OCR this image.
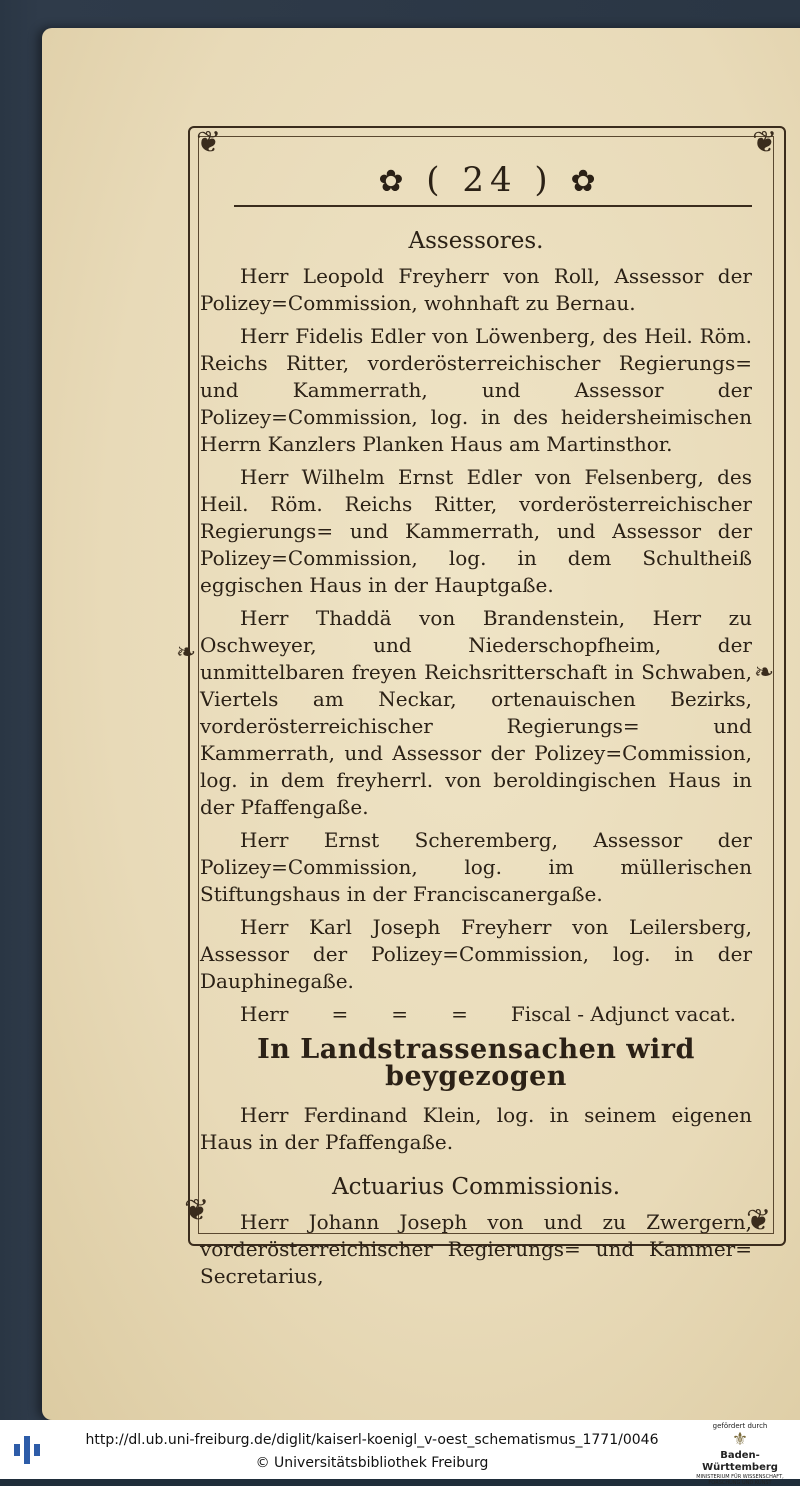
❦	❦
❦	❦
❧
❧
✿ ( 24 ) ✿
Assessores.

Herr Leopold Freyherr von Roll, Assessor der Polizey=Commission, wohnhaft zu Bernau.

Herr Fidelis Edler von Löwenberg, des Heil. Röm. Reichs Ritter, vorderösterreichischer Regierungs= und Kammerrath, und Assessor der Polizey=Commission, log. in des heidersheimischen Herrn Kanzlers Planken Haus am Martinsthor.

Herr Wilhelm Ernst Edler von Felsenberg, des Heil. Röm. Reichs Ritter, vorderösterreichischer Regierungs= und Kammerrath, und Assessor der Polizey=Commission, log. in dem Schultheiß eggischen Haus in der Hauptgaße.

Herr Thaddä von Brandenstein, Herr zu Oschweyer, und Niederschopfheim, der unmittelbaren freyen Reichsritterschaft in Schwaben, Viertels am Neckar, ortenauischen Bezirks, vorderösterreichischer Regierungs= und Kammerrath, und Assessor der Polizey=Commission, log. in dem freyherrl. von beroldingischen Haus in der Pfaffengaße.

Herr Ernst Scheremberg, Assessor der Polizey=Commission, log. im müllerischen Stiftungshaus in der Franciscanergaße.

Herr Karl Joseph Freyherr von Leilersberg, Assessor der Polizey=Commission, log. in der Dauphinegaße.

Herr = = = Fiscal - Adjunct vacat.
In Landstrassensachen wird beygezogen

Herr Ferdinand Klein, log. in seinem eigenen Haus in der Pfaffengaße.

Actuarius Commissionis.

Herr Johann Joseph von und zu Zwergern, vorderösterreichischer Regierungs= und Kammer= Secretarius,

http://dl.ub.uni-freiburg.de/diglit/kaiserl-koenigl_v-oest_schematismus_1771/0046
© Universitätsbibliothek Freiburg
gefördert durch
⚜
Baden-Württemberg
MINISTERIUM FÜR WISSENSCHAFT, FORSCHUNG UND KUNST
